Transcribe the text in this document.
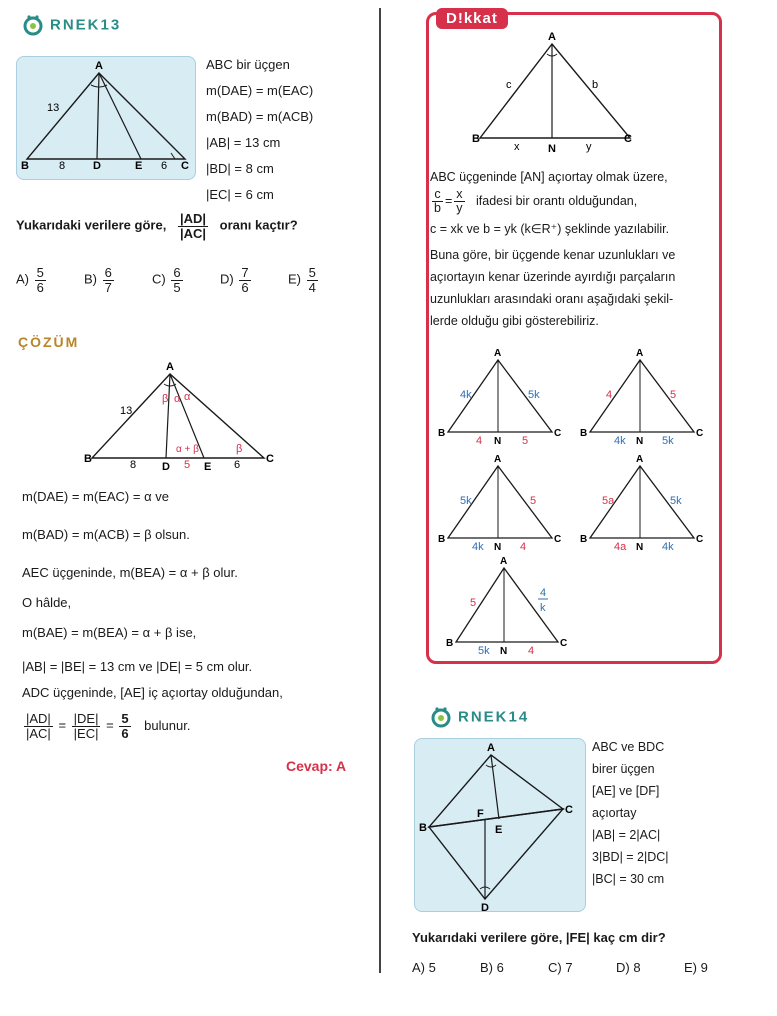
RNEK13
A
B	D	E	C
13
8	6
ABC bir üçgen
m(DAE) = m(EAC)
m(BAD) = m(ACB)
|AB| = 13 cm
|BD| = 8 cm
|EC| = 6 cm
Yukarıdaki verilere göre, $\frac{|AD|}{|AC|}$ oranı kaçtır?
$A) \frac{5}{6}$	$B) \frac{6}{7}$	$C) \frac{6}{5}$	$D) \frac{7}{6}$	$E) \frac{5}{4}$
ÇÖZÜM
A
B
D	E
C
13
8	5	6
β α α
α + β	β
m(DAE) = m(EAC) = α ve
m(BAD) = m(ACB) = β olsun.
AEC üçgeninde, m(BEA) = α + β olur.
O hâlde,
m(BAE) = m(BEA) = α + β ise,
|AB| = |BE| = 13 cm ve |DE| = 5 cm olur.
ADC üçgeninde, [AE] iç açıortay olduğundan,
$\frac{|AD|}{|AC|} = \frac{|DE|}{|EC|} = \frac{5}{6}$ bulunur.
Cevap: A
D!kkat
A
B	C
N
c	b
x	y
ABC üçgeninde [AN] açıortay olmak üzere,
$\frac{c}{b} = \frac{x}{y}$ ifadesi bir orantı olduğundan,
c = xk ve b = yk (k∈R⁺) şeklinde yazılabilir.
Buna göre, bir üçgende kenar uzunlukları ve
açıortayın kenar üzerinde ayırdığı parçaların
uzunlukları arasındaki oranı aşağıdaki şekil-
lerde olduğu gibi gösterebiliriz.
A
B	C
N
4k	5k
4	5
A
B	C
N
4	5
4k	5k
A
B	C
N
5k	5
4k	4
A
B	C
N
5a	5k
4a	4k
A
B	C
N
5
4
k
5k	4
RNEK14
A
B
C
D
E
F
ABC ve BDC
birer üçgen
[AE] ve [DF]
açıortay
|AB| = 2|AC|
3|BD| = 2|DC|
|BC| = 30 cm
Yukarıdaki verilere göre, |FE| kaç cm dir?
A) 5	B) 6	C) 7	D) 8	E) 9
